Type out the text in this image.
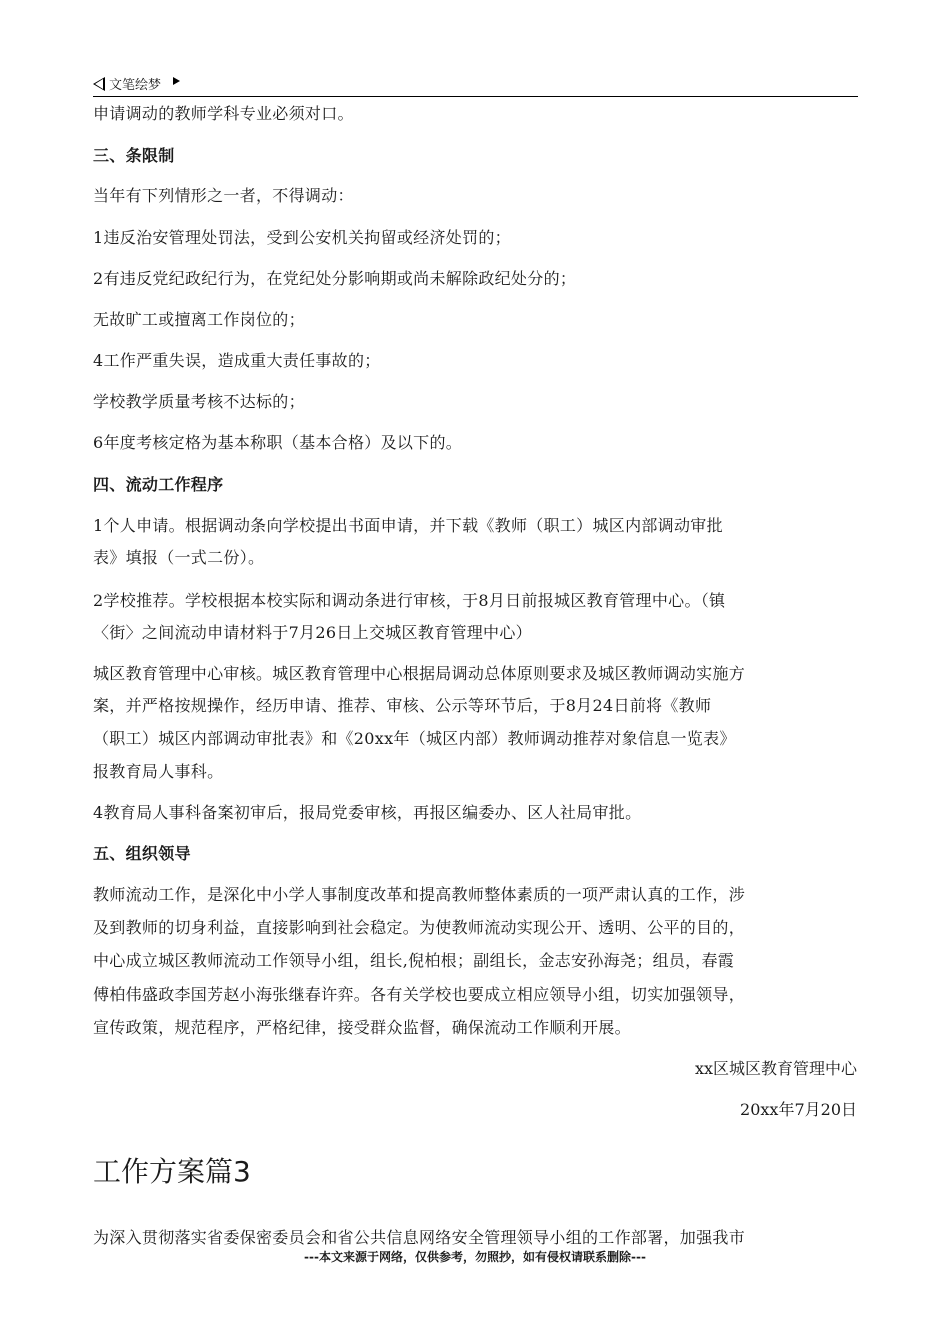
文笔绘梦
申请调动的教师学科专业必须对口。
三、条限制
当年有下列情形之一者，不得调动：
1违反治安管理处罚法，受到公安机关拘留或经济处罚的；
2有违反党纪政纪行为，在党纪处分影响期或尚未解除政纪处分的；
无故旷工或擅离工作岗位的；
4工作严重失误，造成重大责任事故的；
学校教学质量考核不达标的；
6年度考核定格为基本称职（基本合格）及以下的。
四、流动工作程序
1个人申请。根据调动条向学校提出书面申请，并下载《教师（职工）城区内部调动审批
表》填报（一式二份）。
2学校推荐。学校根据本校实际和调动条进行审核，于8月日前报城区教育管理中心。（镇
〈街〉之间流动申请材料于7月26日上交城区教育管理中心）
城区教育管理中心审核。城区教育管理中心根据局调动总体原则要求及城区教师调动实施方
案，并严格按规操作，经历申请、推荐、审核、公示等环节后，于8月24日前将《教师
（职工）城区内部调动审批表》和《20xx年（城区内部）教师调动推荐对象信息一览表》
报教育局人事科。
4教育局人事科备案初审后，报局党委审核，再报区编委办、区人社局审批。
五、组织领导
教师流动工作，是深化中小学人事制度改革和提高教师整体素质的一项严肃认真的工作，涉
及到教师的切身利益，直接影响到社会稳定。为使教师流动实现公开、透明、公平的目的，
中心成立城区教师流动工作领导小组，组长,倪柏根；副组长，金志安孙海尧；组员，春霞
傅柏伟盛政李国芳赵小海张继春许弈。各有关学校也要成立相应领导小组，切实加强领导，
宣传政策，规范程序，严格纪律，接受群众监督，确保流动工作顺利开展。
xx区城区教育管理中心
20xx年7月20日
工作方案篇3
为深入贯彻落实省委保密委员会和省公共信息网络安全管理领导小组的工作部署，加强我市
---本文来源于网络，仅供参考，勿照抄，如有侵权请联系删除---
